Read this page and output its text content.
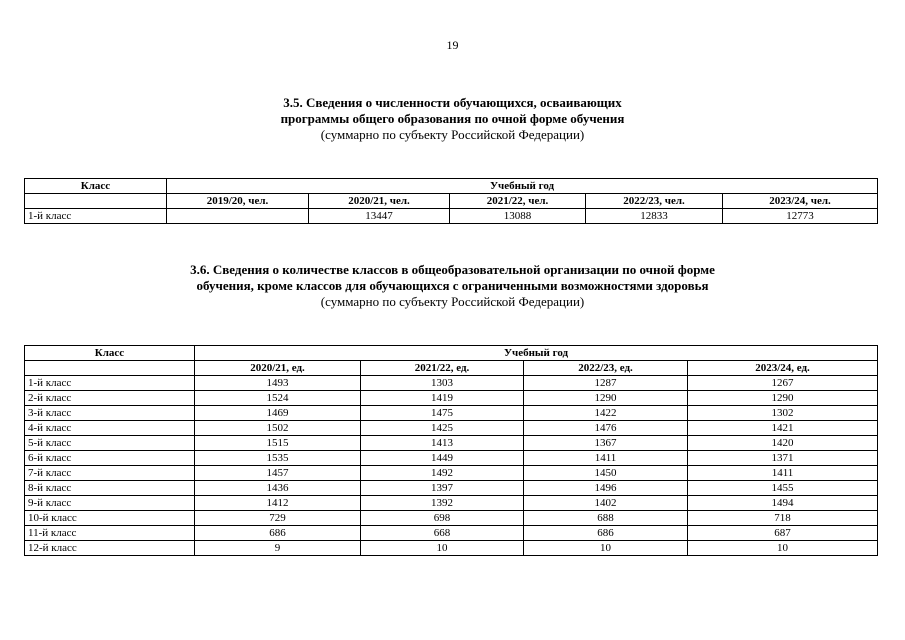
19
3.5. Сведения о численности обучающихся, осваивающих
программы общего образования по очной форме обучения
(суммарно по субъекту Российской Федерации)
Класс	Учебный год				
	2019/20, чел.	2020/21, чел.	2021/22, чел.	2022/23, чел.	2023/24, чел.
1-й класс		13447	13088	12833	12773
3.6. Сведения о количестве классов в общеобразовательной организации по очной форме
обучения, кроме классов для обучающихся с ограниченными возможностями здоровья
(суммарно по субъекту Российской Федерации)
Класс	Учебный год			
	2020/21, ед.	2021/22, ед.	2022/23, ед.	2023/24, ед.
1-й класс	1493	1303	1287	1267
2-й класс	1524	1419	1290	1290
3-й класс	1469	1475	1422	1302
4-й класс	1502	1425	1476	1421
5-й класс	1515	1413	1367	1420
6-й класс	1535	1449	1411	1371
7-й класс	1457	1492	1450	1411
8-й класс	1436	1397	1496	1455
9-й класс	1412	1392	1402	1494
10-й класс	729	698	688	718
11-й класс	686	668	686	687
12-й класс	9	10	10	10
